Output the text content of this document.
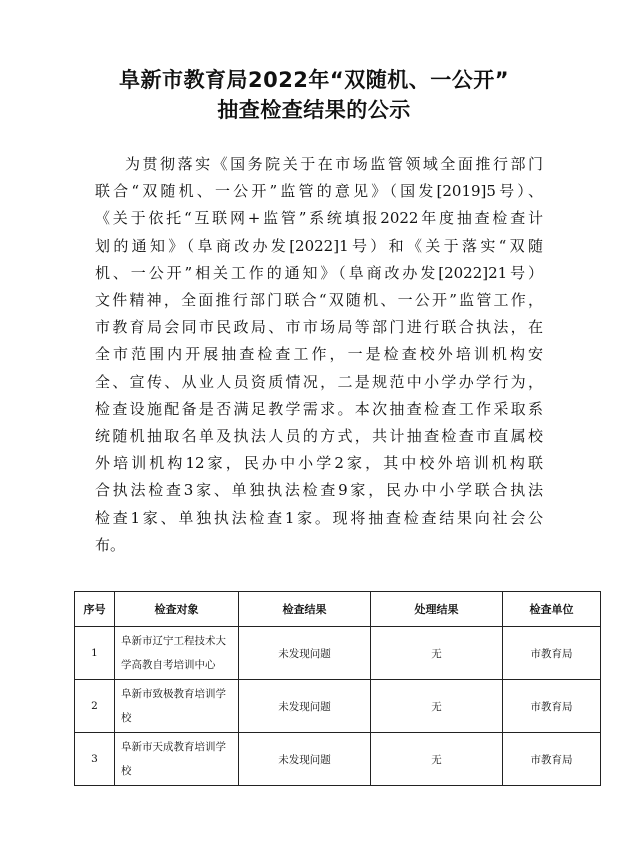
阜新市教育局2022年“双随机、一公开”
抽查检查结果的公示
为贯彻落实《国务院关于在市场监管领域全面推行部门
联合“双随机、一公开”监管的意见》（国发[2019]5号）、
《关于依托“互联网+监管”系统填报2022年度抽查检查计
划的通知》（阜商改办发[2022]1号）和《关于落实“双随
机、一公开”相关工作的通知》（阜商改办发[2022]21号）
文件精神，全面推行部门联合“双随机、一公开”监管工作，
市教育局会同市民政局、市市场局等部门进行联合执法，在
全市范围内开展抽查检查工作，一是检查校外培训机构安
全、宣传、从业人员资质情况，二是规范中小学办学行为，
检查设施配备是否满足教学需求。本次抽查检查工作采取系
统随机抽取名单及执法人员的方式，共计抽查检查市直属校
外培训机构12家，民办中小学2家，其中校外培训机构联
合执法检查3家、单独执法检查9家，民办中小学联合执法
检查1家、单独执法检查1家。现将抽查检查结果向社会公
布。
序号	检查对象	检查结果	处理结果	检查单位
1	阜新市辽宁工程技术大
学高教自考培训中心	未发现问题	无	市教育局
2	阜新市致极教育培训学
校	未发现问题	无	市教育局
3	阜新市天成教育培训学
校	未发现问题	无	市教育局
